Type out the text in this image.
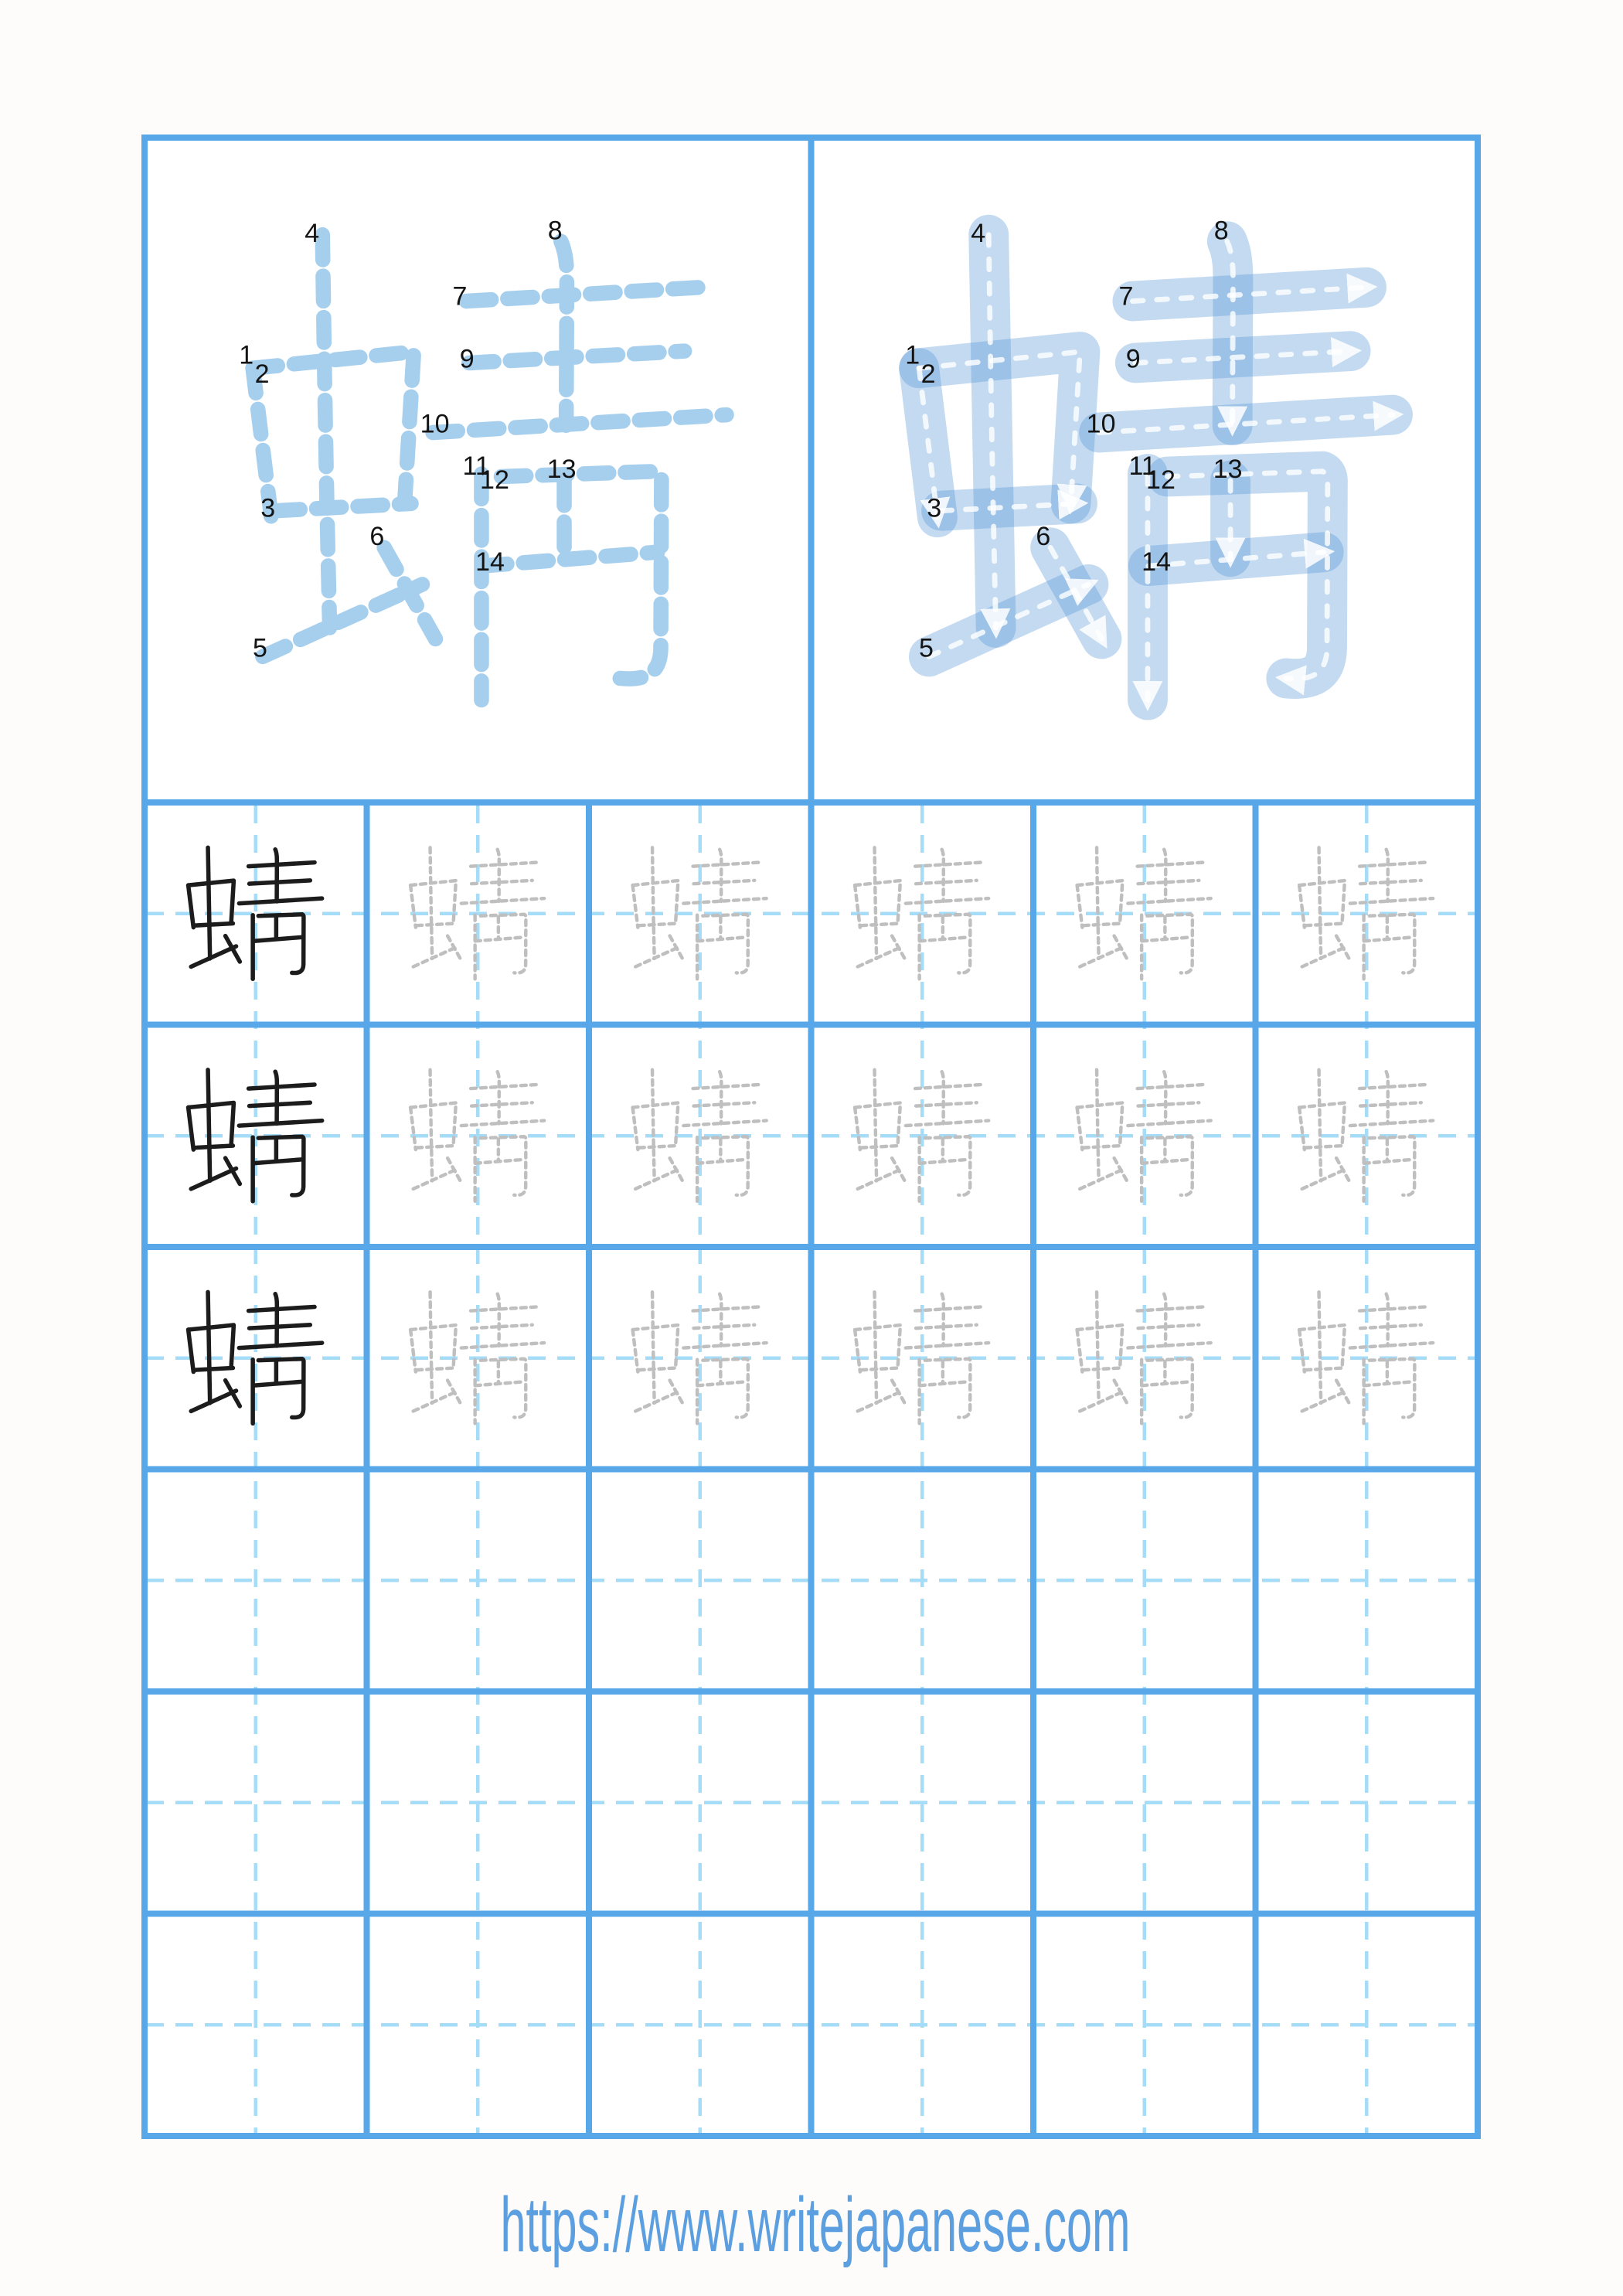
1
2
3
4
5
6
7
8
9
10
11
12	13
14
https://www.writejapanese.com
